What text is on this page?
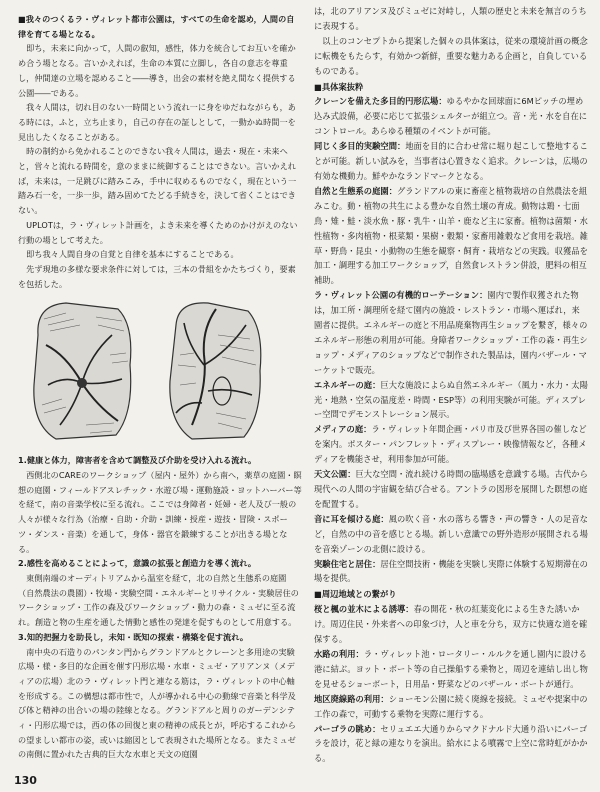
■我々のつくるラ・ヴィレット都市公園は，すべての生命を認め，人間の自律を育てる場となる。

即ち，未来に向かって，人間の叡知，感性，体力を統合してお互いを確かめ合う場となる。言いかえれば，生命の本質に立脚し，各自の意志を尊重し，仲間達の立場を認めること――導き，出会の素材を絶え間なく提供する公園――である。

我々人間は，切れ目のない一時間という流れ一に身をゆだねながらも，ある時には，ふと，立ち止まり，自己の存在の証しとして，一動かぬ時間一を見出したくなることがある。

時の制約から免かれることのできない我々人間は，過去・現在・未来へと，営々と流れる時間を，意のままに統御することはできない。言いかえれば，未来は，一足跳びに踏みこみ，手中に収めるものでなく，現在という一踏み石一を，一歩一歩，踏み固めてたどる手続きを，決して省くことはできない。

UPLOTは，ラ・ヴィレット計画を，よき未来を導くためのかけがえのない行動の場として考えた。

即ち我々人間自身の自覚と自律を基本にすることである。

先ず現地の多様な要求条件に対しては，三本の骨組をかたちづくり，要素を包括した。

1.健康と体力，障害者を含めて調整及び介助を受け入れる流れ。

西側北のCAREのワークショップ（屋内・屋外）から南へ，薬草の庭園・瞑想の庭園・フィールドアスレチック・水遊び場・運動施設・ヨットハーバー等を経て，南の音楽学校に至る流れ。ここでは身障者・妊婦・老人及び一般の人々が様々な行為（治療・自助・介助・訓練・授産・遊技・冒険・スポーツ・ダンス・音楽）を通して，身体・器官を鍛練することが出きる場となる。

2.感性を高めることによって，意識の拡張と創造力を導く流れ。

東側南端のオーディトリアムから温室を経て，北の自然と生態系の庭園（自然農法の農園）・牧場・実験空間・エネルギーとリサイクル・実験居住のワークショップ・工作の森及びワークショップ・動力の森・ミュゼに至る流れ。創造と物の生産を通した情動と感性の発達を促すものとして用意する。

3.知的把握力を助長し，未知・既知の探索・構築を促す流れ。

南中央の石造りのパンタン門からグランドアルとクレーンと多用途の実験広場・様・多目的な企画を催す円形広場・水車・ミュゼ・アリアンヌ（メディアの広場）北のラ・ヴィレット門と連なる筋は，ラ・ヴィレットの中心軸を形成する。この構想は都市性で，人が導かれる中心の動線で音楽と科学及び体と精神の出合いの場の陸線となる。グランドアルと周りのガーデンシティ・円形広場では，西の体の回復と東の精神の成長とが，呼応するこれからの望ましい都市の姿，或いは縮図として表現された場所となる。またミュゼの南側に置かれた古典的巨大な水車と天文の庭園

は，北のアリアンヌ及びミュゼに対峙し，人類の歴史と未来を無言のうちに表現する。

以上のコンセプトから提案した個々の具体案は，従来の環境計画の概念に転機をもたらす，有効かつ新鮮，重要な魅力ある企画と，自負しているものである。

■具体案抜粋

クレーンを備えた多目的円形広場：ゆるやかな回球面に6Mピッチの埋め込み式設備，必要に応じて拡張シェルターが組立つ。音・光・水を自在にコントロール。あらゆる種類のイベントが可能。

同じく多目的実験空間：地面を目的に合わせ常に堀り起こして整地することが可能。新しい試みを，当事者は心置きなく追求。クレーンは，広場の有効な機動力。鮮やかなランドマークとなる。

自然と生態系の庭園：グランドアルの東に畜産と植物栽培の自然農法を組みこむ。動・植物の共生による豊かな自然土壌の育成。動物は鶏・七面鳥・雉・鮭・淡水魚・豚・乳牛・山羊・鹿など主に家畜。植物は菌類・水性植物・多肉植物・根菜類・果樹・穀類・家畜用雑穀など食用を栽培。雑草・野鳥・昆虫・小動物の生態を観察・飼育・栽培などの実践。収獲品を加工・調理する加工ワークショップ，自然食レストラン併設，肥料の相互補助。

ラ・ヴィレット公園の有機的ローテーション：園内で製作収獲された物は，加工所・調理所を経て園内の施設・レストラン・市場へ運ばれ，来園者に提供。エネルギーの庭と不用品廃棄物再生ショップを繋ぎ，様々のエネルギー形態の利用が可能。身障者ワークショップ・工作の森・再生ショップ・メディアのショップなどで制作された製品は，園内バザール・マーケットで販売。

エネルギーの庭：巨大な施設によらぬ自然エネルギー（風力・水力・太陽光・地熱・空気の温度差・時間・ESP等）の利用実験が可能。ディスプレー空間でデモンストレーション展示。

メディアの庭：ラ・ヴィレット年間企画・パリ市及び世界各国の催しなどを案内。ポスター・パンフレット・ディスプレー・映像情報など，各種メディアを機能させ，利用参加が可能。

天文公園：巨大な空間・流れ続ける時間の臨場感を意識する場。古代から現代への人間の宇宙観を結び合せる。アントラの図形を展開した瞑想の庭を配置する。

音に耳を傾ける庭：風の吹く音・水の落ちる響き・声の響き・人の足音など，自然の中の音を感じとる場。新しい意識での野外造形が展開される場を音楽ゾーンの北側に設ける。

実験住宅と居住：居住空間技術・機能を実験し実際に体験する短期滞在の場を提供。

■周辺地域との繋がり

桜と楓の並木による誘導：春の開花・秋の紅葉変化による生きた誘いかけ。周辺住民・外来者への印象づけ，人と車を分ち，双方に快適な道を確保する。

水路の利用：ラ・ヴィレット池・ロータリー・ルルクを通し園内に設ける港に結ぶ。ヨット・ボート等の自己操船する乗物と，周辺を連結し出し物を見せるショーボート，日用品・野菜などのバザール・ボートが通行。

地区廃線路の利用：ショーモン公園に続く廃線を接続。ミュゼや提案中の工作の森で，可動する乗物を実際に運行する。

パーゴラの眺め：セリュエエ大通りからマクドナルド大通り沿いにパーゴラを設け，花と緑の連なりを演出。給水による噴霧で上空に常時虹がかかる。

130
